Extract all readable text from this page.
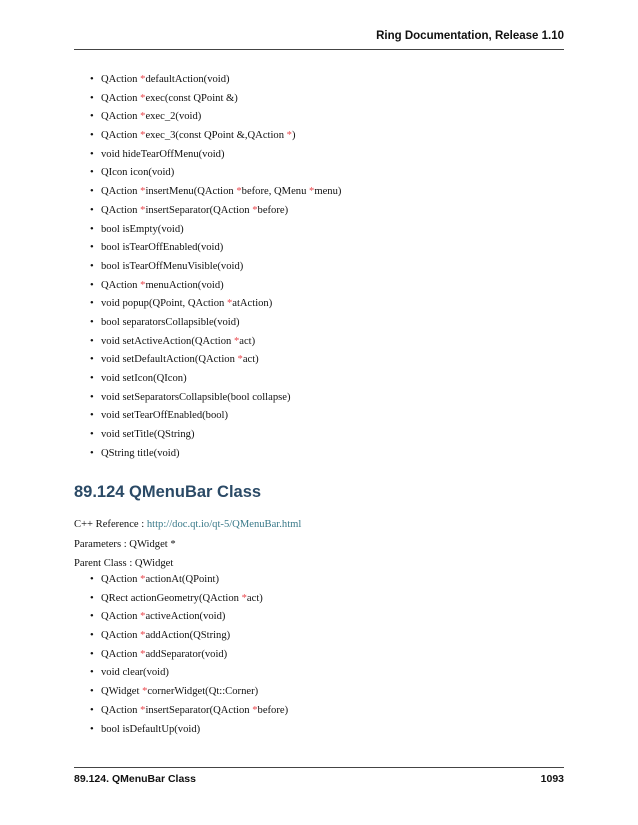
Ring Documentation, Release 1.10
• QAction *defaultAction(void)
• QAction *exec(const QPoint &)
• QAction *exec_2(void)
• QAction *exec_3(const QPoint &,QAction *)
• void hideTearOffMenu(void)
• QIcon icon(void)
• QAction *insertMenu(QAction *before, QMenu *menu)
• QAction *insertSeparator(QAction *before)
• bool isEmpty(void)
• bool isTearOffEnabled(void)
• bool isTearOffMenuVisible(void)
• QAction *menuAction(void)
• void popup(QPoint, QAction *atAction)
• bool separatorsCollapsible(void)
• void setActiveAction(QAction *act)
• void setDefaultAction(QAction *act)
• void setIcon(QIcon)
• void setSeparatorsCollapsible(bool collapse)
• void setTearOffEnabled(bool)
• void setTitle(QString)
• QString title(void)
89.124 QMenuBar Class
C++ Reference : http://doc.qt.io/qt-5/QMenuBar.html
Parameters : QWidget *
Parent Class : QWidget
• QAction *actionAt(QPoint)
• QRect actionGeometry(QAction *act)
• QAction *activeAction(void)
• QAction *addAction(QString)
• QAction *addSeparator(void)
• void clear(void)
• QWidget *cornerWidget(Qt::Corner)
• QAction *insertSeparator(QAction *before)
• bool isDefaultUp(void)
89.124. QMenuBar Class	1093
